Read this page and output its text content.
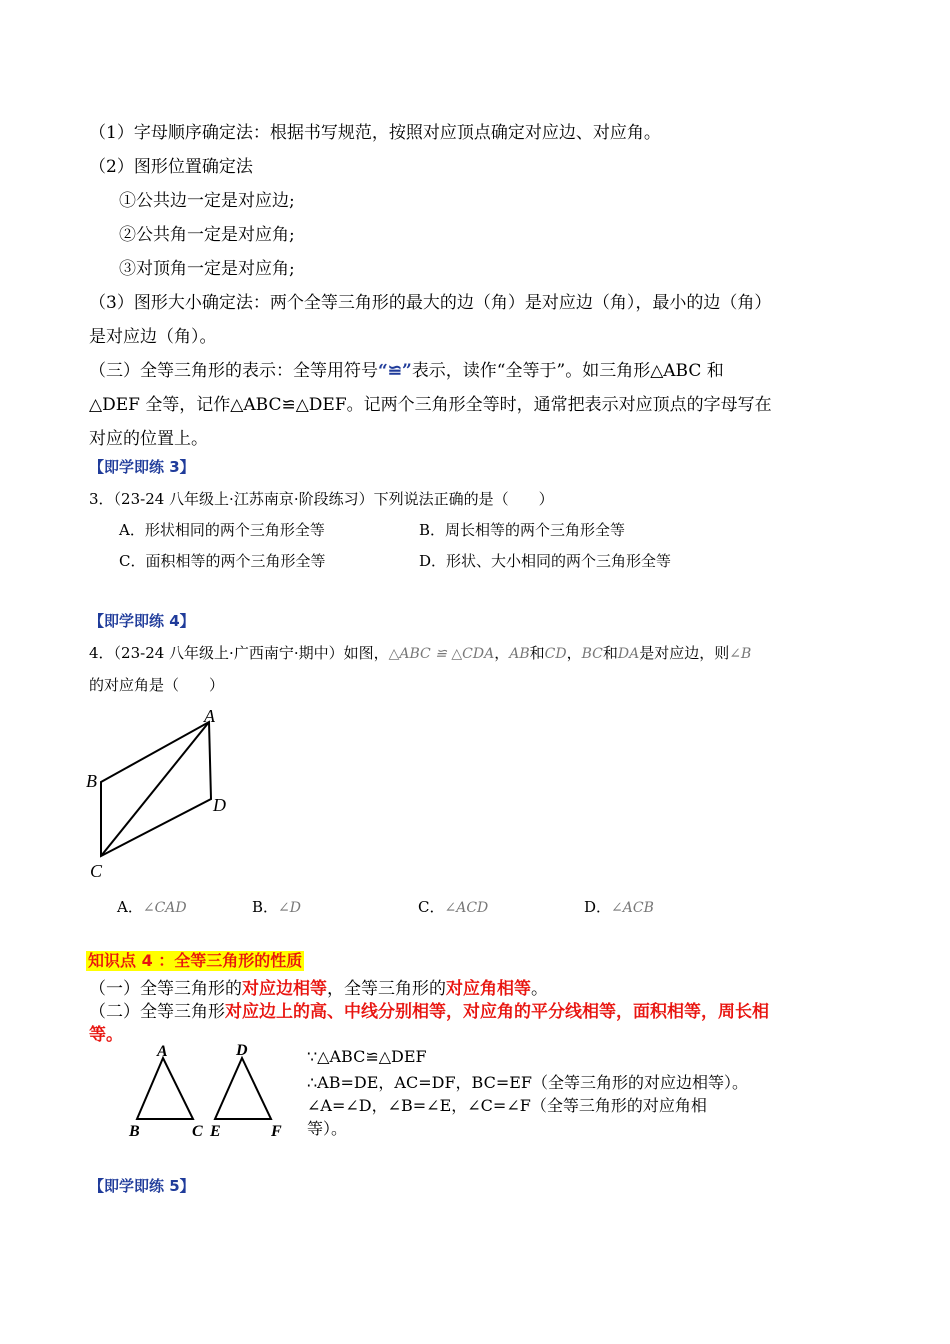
（1）字母顺序确定法：根据书写规范，按照对应顶点确定对应边、对应角。
（2）图形位置确定法
①公共边一定是对应边;
②公共角一定是对应角;
③对顶角一定是对应角;
（3）图形大小确定法：两个全等三角形的最大的边（角）是对应边（角），最小的边（角）
是对应边（角）。
（三）全等三角形的表示：全等用符号“≌”表示，读作“全等于”。如三角形△ABC 和
△DEF 全等，记作△ABC≌△DEF。记两个三角形全等时，通常把表示对应顶点的字母写在
对应的位置上。
【即学即练 3】
3．（23-24 八年级上·江苏南京·阶段练习）下列说法正确的是（　　）
A．形状相同的两个三角形全等	B．周长相等的两个三角形全等
C．面积相等的两个三角形全等	D．形状、大小相同的两个三角形全等
【即学即练 4】
4．（23-24 八年级上·广西南宁·期中）如图，△ABC ≌ △CDA，AB和CD，BC和DA是对应边，则∠B
的对应角是（　　）
A
B
C
D
A．∠CAD	B．∠D	C．∠ACD	D．∠ACB
知识点 4 ：全等三角形的性质
（一）全等三角形的对应边相等，全等三角形的对应角相等。
（二）全等三角形对应边上的高、中线分别相等，对应角的平分线相等，面积相等，周长相
等。
A
B	C
D
E	F
∵△ABC≌△DEF
∴AB=DE，AC=DF，BC=EF（全等三角形的对应边相等）。
∠A=∠D，∠B=∠E，∠C=∠F（全等三角形的对应角相
等）。
【即学即练 5】
